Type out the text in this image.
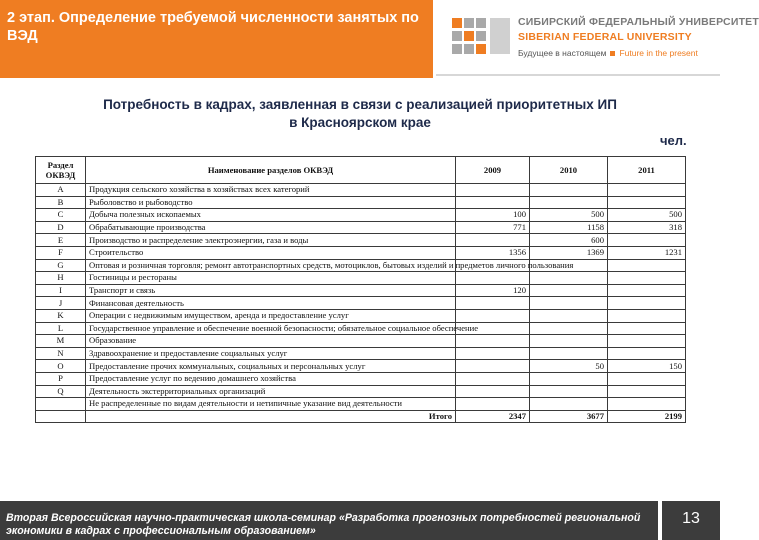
2 этап. Определение требуемой численности занятых по ВЭД
СИБИРСКИЙ ФЕДЕРАЛЬНЫЙ УНИВЕРСИТЕТ
SIBERIAN FEDERAL UNIVERSITY
Будущее в настоящем Future in the present
Потребность в кадрах, заявленная в связи с реализацией приоритетных ИП в Красноярском крае
чел.
Раздел ОКВЭД	Наименование разделов ОКВЭД	2009	2010	2011
A	Продукция сельского хозяйства в хозяйствах всех категорий			
B	Рыболовство и рыбоводство			
C	Добыча полезных ископаемых	100	500	500
D	Обрабатывающие производства	771	1158	318
E	Производство и распределение электроэнергии, газа и воды		600	
F	Строительство	1356	1369	1231
G	Оптовая и розничная торговля; ремонт автотранспортных средств, мотоциклов, бытовых изделий и предметов личного пользования			
H	Гостиницы и рестораны			
I	Транспорт и связь	120		
J	Финансовая деятельность			
K	Операции с недвижимым имуществом, аренда и предоставление услуг			
L	Государственное управление и обеспечение военной безопасности; обязательное социальное обеспечение			
M	Образование			
N	Здравоохранение и предоставление социальных услуг			
O	Предоставление прочих коммунальных, социальных и персональных услуг		50	150
P	Предоставление услуг по ведению домашнего хозяйства			
Q	Деятельность экстерриториальных организаций			
	Не распределенные по видам деятельности и нетипичные указание вид деятельности			
	Итого	2347	3677	2199
Вторая Всероссийская научно-практическая школа-семинар «Разработка прогнозных потребностей региональной экономики в кадрах с профессиональным образованием»
13
